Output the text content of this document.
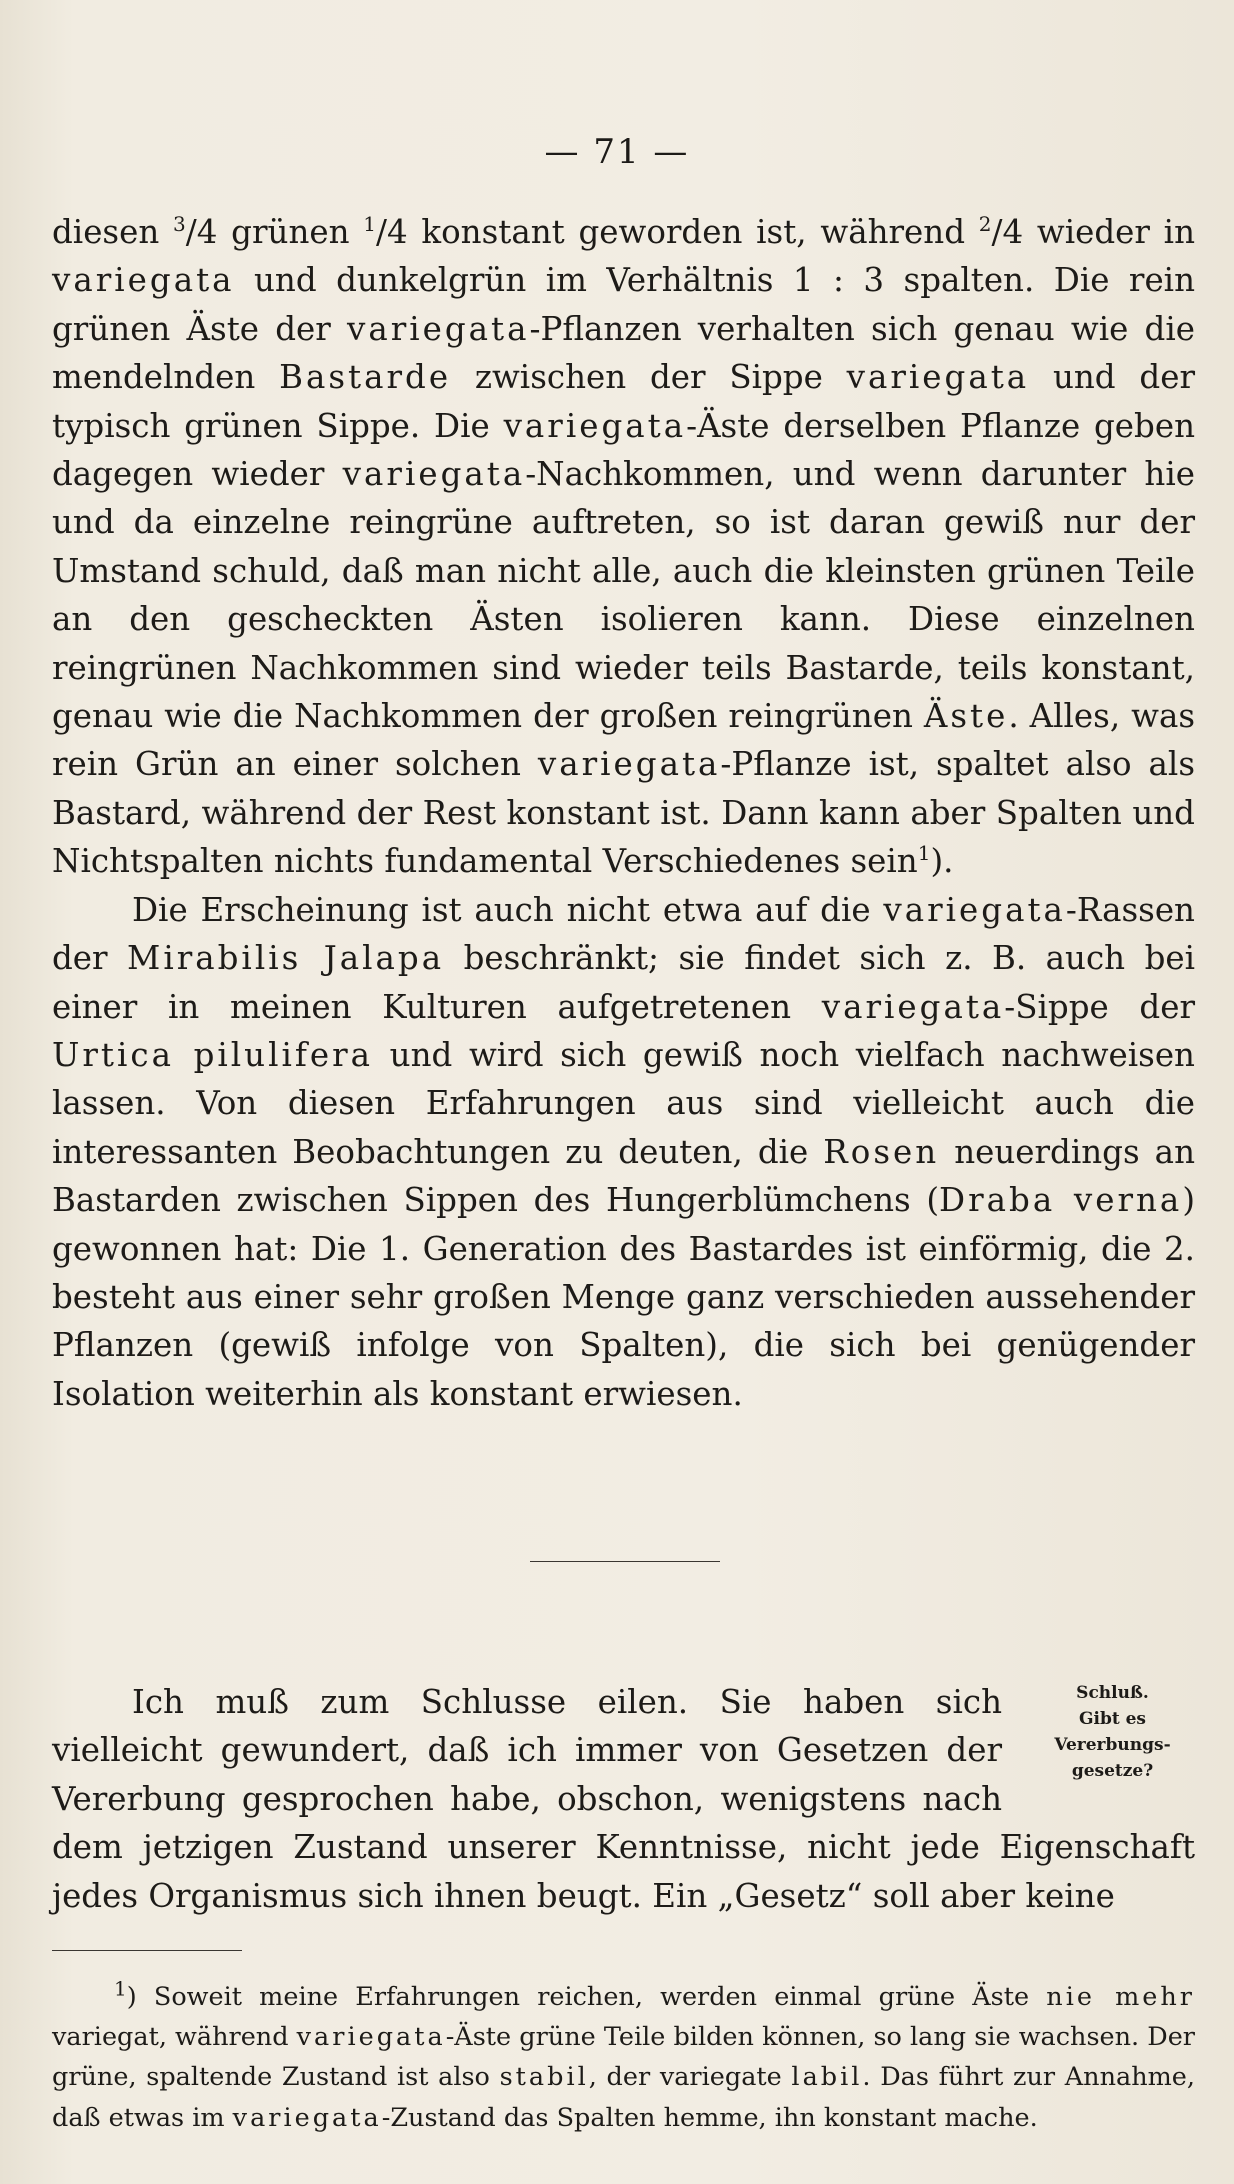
— 71 —

diesen $^3$/4 grünen $^1$/4 konstant geworden ist, während $^2$/4 wieder in variegata und dunkelgrün im Verhältnis 1 : 3 spalten. Die rein grünen Äste der variegata-Pflanzen verhalten sich genau wie die mendelnden Bastarde zwischen der Sippe variegata und der typisch grünen Sippe. Die variegata-Äste derselben Pflanze geben dagegen wieder variegata-Nachkommen, und wenn darunter hie und da einzelne reingrüne auftreten, so ist daran gewiß nur der Umstand schuld, daß man nicht alle, auch die kleinsten grünen Teile an den gescheckten Ästen isolieren kann. Diese einzelnen reingrünen Nachkommen sind wieder teils Bastarde, teils konstant, genau wie die Nachkommen der großen reingrünen Äste. Alles, was rein Grün an einer solchen variegata-Pflanze ist, spaltet also als Bastard, während der Rest konstant ist. Dann kann aber Spalten und Nichtspalten nichts fundamental Verschiedenes sein$^1$).

Die Erscheinung ist auch nicht etwa auf die variegata-Rassen der Mirabilis Jalapa beschränkt; sie findet sich z. B. auch bei einer in meinen Kulturen aufgetretenen variegata-Sippe der Urtica pilulifera und wird sich gewiß noch vielfach nachweisen lassen. Von diesen Erfahrungen aus sind vielleicht auch die interessanten Beobachtungen zu deuten, die Rosen neuerdings an Bastarden zwischen Sippen des Hungerblümchens (Draba verna) gewonnen hat: Die 1. Generation des Bastardes ist einförmig, die 2. besteht aus einer sehr großen Menge ganz verschieden aussehender Pflanzen (gewiß infolge von Spalten), die sich bei genügender Isolation weiterhin als konstant erwiesen.

Schluß.
Gibt es
Vererbungs-
gesetze?
Ich muß zum Schlusse eilen. Sie haben sich vielleicht gewundert, daß ich immer von Gesetzen der Vererbung gesprochen habe, obschon, wenigstens nach dem jetzigen Zustand unserer Kenntnisse, nicht jede Eigenschaft jedes Organismus sich ihnen beugt. Ein „Gesetz“ soll aber keine

$^1$) Soweit meine Erfahrungen reichen, werden einmal grüne Äste nie mehr variegat, während variegata-Äste grüne Teile bilden können, so lang sie wachsen. Der grüne, spaltende Zustand ist also stabil, der variegate labil. Das führt zur Annahme, daß etwas im variegata-Zustand das Spalten hemme, ihn konstant mache.
